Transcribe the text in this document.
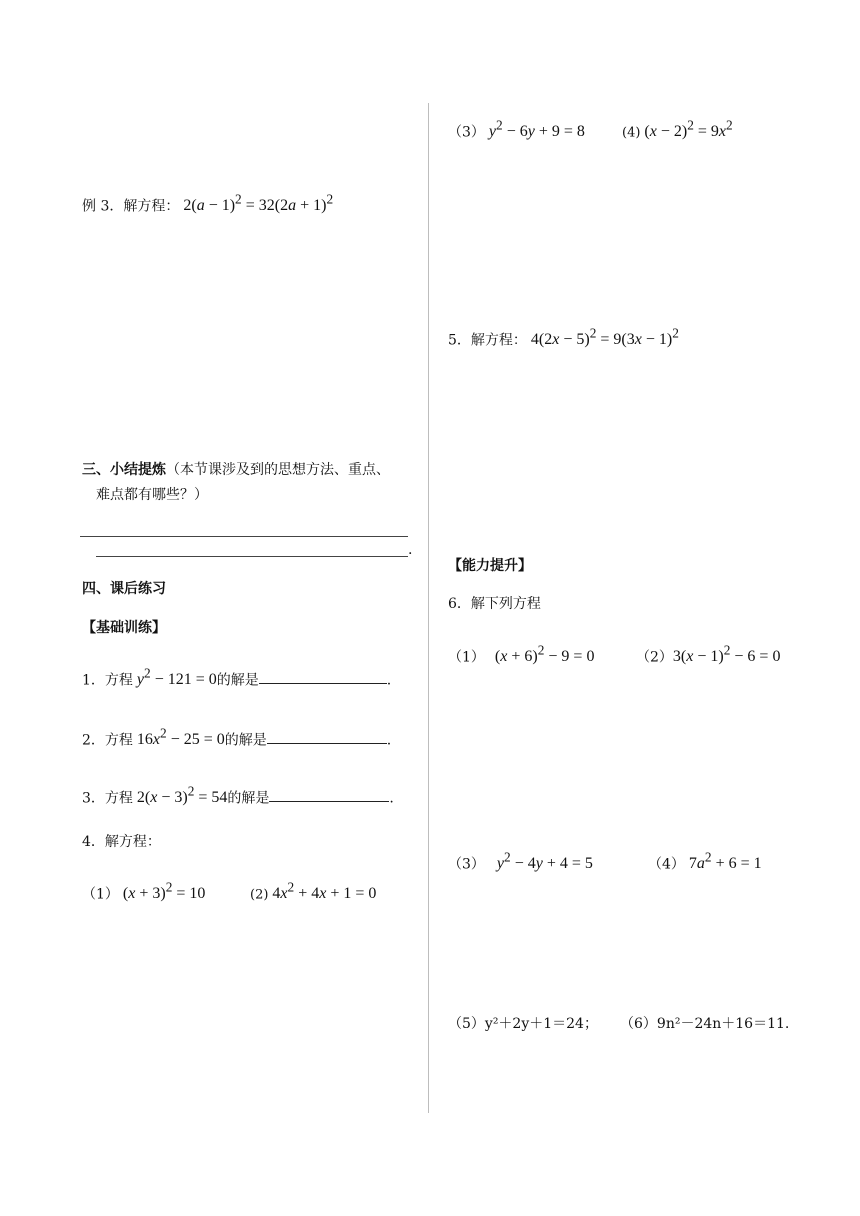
例 3．解方程： $2(a - 1)^2 = 32(2a + 1)^2$
三、小结提炼（本节课涉及到的思想方法、重点、
难点都有哪些？）
.
四、课后练习
【基础训练】
1．方程 $y^2 - 121 = 0$的解是	.
2．方程 $16x^2 - 25 = 0$的解是	.
3．方程 $2(x - 3)^2 = 54$的解是	.
4．解方程：
（1） $(x + 3)^2 = 10$	(2) $4x^2 + 4x + 1 = 0$
（3） $y^2 - 6y + 9 = 8$	(4) $(x - 2)^2 = 9x^2$
5．解方程： $4(2x - 5)^2 = 9(3x - 1)^2$
【能力提升】
6．解下列方程
（1） $(x + 6)^2 - 9 = 0$	$(2)3(x - 1)^2 - 6 = 0$
（3） $y^2 - 4y + 4 = 5$	（4） $7a^2 + 6 = 1$
（5）y²＋2y＋1＝24； （6）9n²－24n＋16＝11.
